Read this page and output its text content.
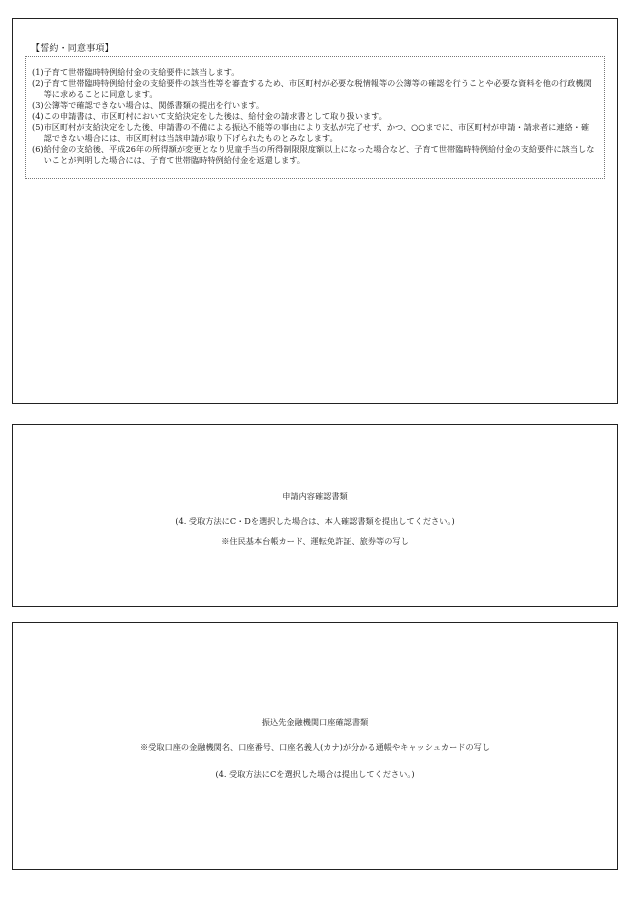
【誓約・同意事項】
(1) 子育て世帯臨時特例給付金の支給要件に該当します。
(2) 子育て世帯臨時特例給付金の支給要件の該当性等を審査するため、市区町村が必要な税情報等の公簿等の確認を行うことや必要な資料を他の行政機関等に求めることに同意します。
(3) 公簿等で確認できない場合は、関係書類の提出を行います。
(4) この申請書は、市区町村において支給決定をした後は、給付金の請求書として取り扱います。
(5) 市区町村が支給決定をした後、申請書の不備による振込不能等の事由により支払が完了せず、かつ、○○までに、市区町村が申請・請求者に連絡・確認できない場合には、市区町村は当該申請が取り下げられたものとみなします。
(6) 給付金の支給後、平成26年の所得額が変更となり児童手当の所得制限限度額以上になった場合など、子育て世帯臨時特例給付金の支給要件に該当しないことが判明した場合には、子育て世帯臨時特例給付金を返還します。
申請内容確認書類
(4. 受取方法にC・Dを選択した場合は、本人確認書類を提出してください。)
※住民基本台帳カード、運転免許証、旅券等の写し
振込先金融機関口座確認書類
※受取口座の金融機関名、口座番号、口座名義人(カナ)が分かる通帳やキャッシュカードの写し
(4. 受取方法にCを選択した場合は提出してください。)
